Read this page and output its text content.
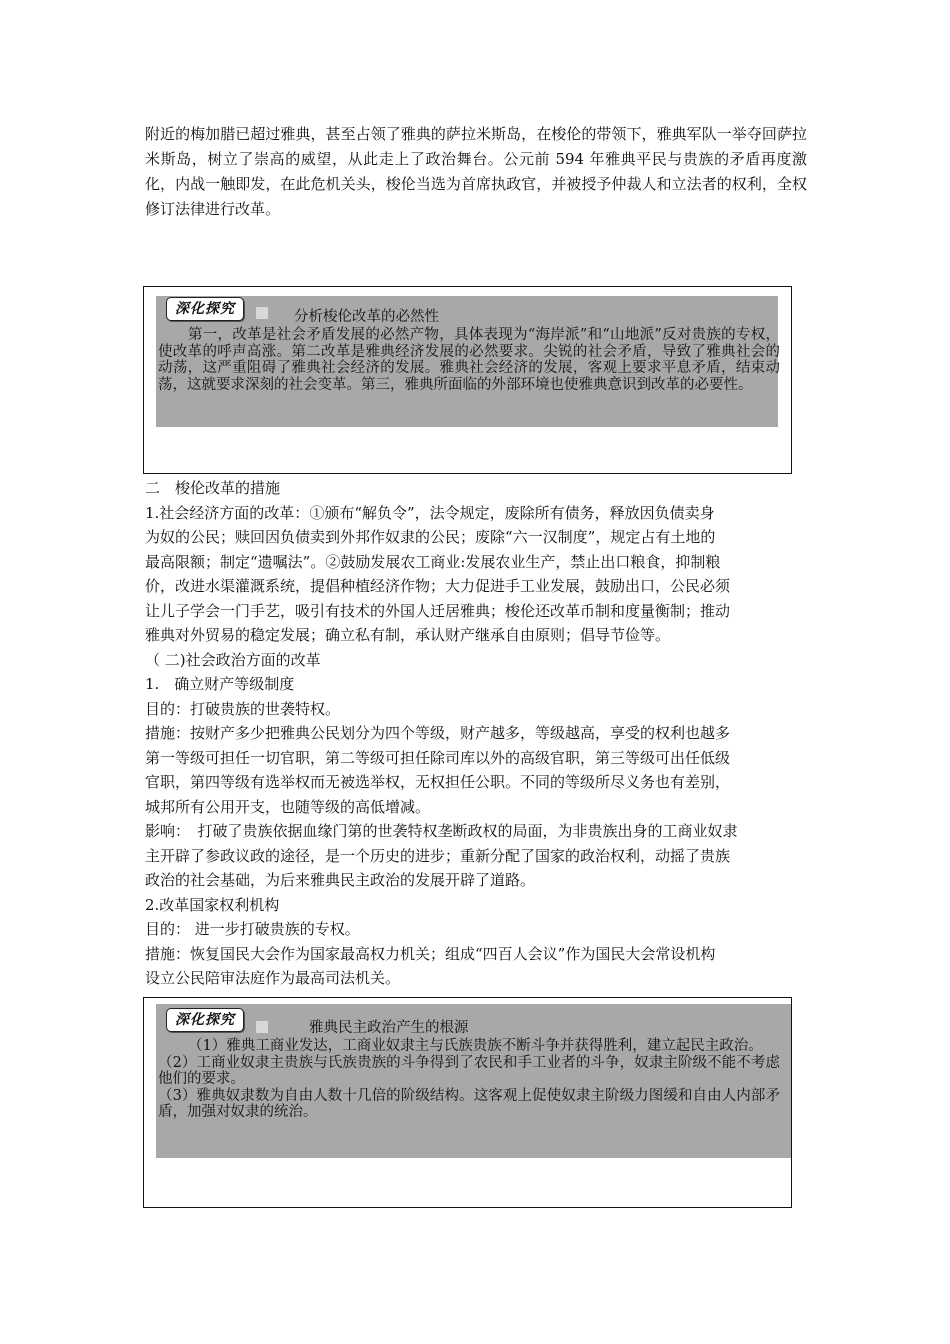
附近的梅加腊已超过雅典，甚至占领了雅典的萨拉米斯岛，在梭伦的带领下，雅典军队一举夺回萨拉米斯岛，树立了崇高的威望，从此走上了政治舞台。公元前 594 年雅典平民与贵族的矛盾再度激化，内战一触即发，在此危机关头，梭伦当选为首席执政官，并被授予仲裁人和立法者的权利，全权修订法律进行改革。

深化探究	分析梭伦改革的必然性

第一，改革是社会矛盾发展的必然产物，具体表现为“海岸派”和“山地派”反对贵族的专权，使改革的呼声高涨。第二改革是雅典经济发展的必然要求。尖锐的社会矛盾，导致了雅典社会的动荡，这严重阻碍了雅典社会经济的发展。雅典社会经济的发展，客观上要求平息矛盾，结束动荡，这就要求深刻的社会变革。第三，雅典所面临的外部环境也使雅典意识到改革的必要性。

二　梭伦改革的措施
1.社会经济方面的改革：①颁布“解负令”，法令规定，废除所有债务，释放因负债卖身
为奴的公民；赎回因负债卖到外邦作奴隶的公民；废除“六一汉制度”，规定占有土地的
最高限额；制定“遗嘱法”。②鼓励发展农工商业:发展农业生产，禁止出口粮食，抑制粮
价，改进水渠灌溉系统，提倡种植经济作物；大力促进手工业发展，鼓励出口，公民必须
让儿子学会一门手艺，吸引有技术的外国人迁居雅典；梭伦还改革币制和度量衡制；推动
雅典对外贸易的稳定发展；确立私有制，承认财产继承自由原则；倡导节俭等。
（ 二)社会政治方面的改革
1.　确立财产等级制度
目的：打破贵族的世袭特权。
措施：按财产多少把雅典公民划分为四个等级，财产越多，等级越高，享受的权利也越多
第一等级可担任一切官职，第二等级可担任除司库以外的高级官职，第三等级可出任低级
官职，第四等级有选举权而无被选举权，无权担任公职。不同的等级所尽义务也有差别，
城邦所有公用开支，也随等级的高低增减。
影响：　打破了贵族依据血缘门第的世袭特权垄断政权的局面，为非贵族出身的工商业奴隶
主开辟了参政议政的途径，是一个历史的进步；重新分配了国家的政治权利，动摇了贵族
政治的社会基础，为后来雅典民主政治的发展开辟了道路。
2.改革国家权利机构
目的： 进一步打破贵族的专权。
措施：恢复国民大会作为国家最高权力机关；组成“四百人会议”作为国民大会常设机构
设立公民陪审法庭作为最高司法机关。
深化探究	雅典民主政治产生的根源

（1）雅典工商业发达，工商业奴隶主与氏族贵族不断斗争并获得胜利，建立起民主政治。

（2）工商业奴隶主贵族与氏族贵族的斗争得到了农民和手工业者的斗争，奴隶主阶级不能不考虑他们的要求。

（3）雅典奴隶数为自由人数十几倍的阶级结构。这客观上促使奴隶主阶级力图缓和自由人内部矛盾，加强对奴隶的统治。
